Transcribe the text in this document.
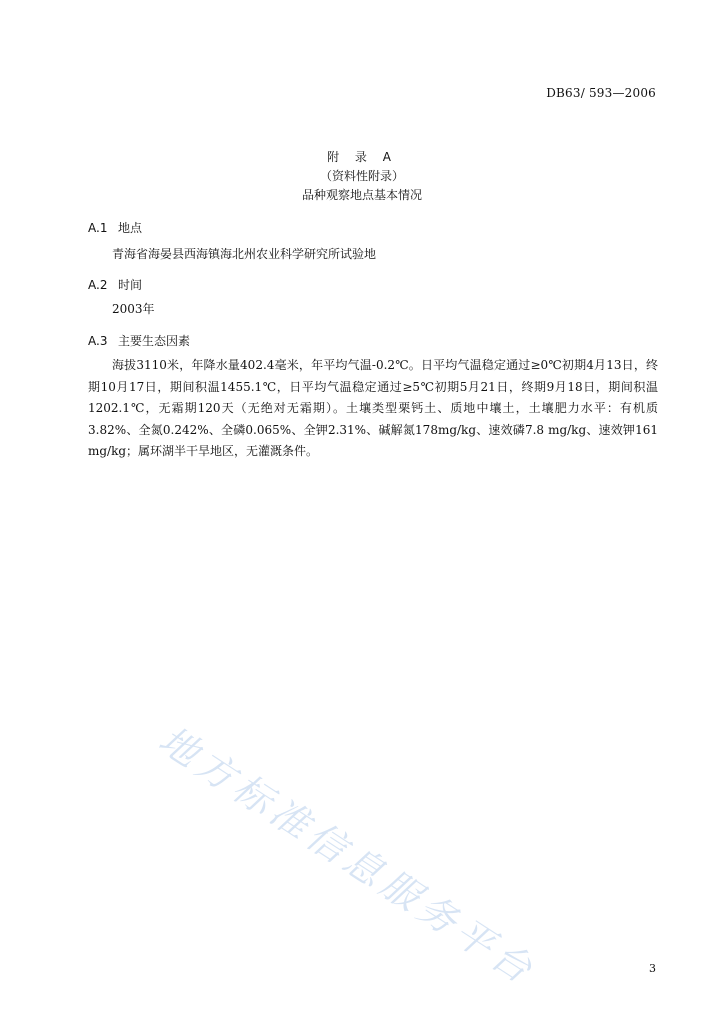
DB63/ 593—2006
附 录 A
（资料性附录）
品种观察地点基本情况
A.1 地点
青海省海晏县西海镇海北州农业科学研究所试验地
A.2 时间
2003年
A.3 主要生态因素
海拔3110米，年降水量402.4毫米，年平均气温-0.2℃。日平均气温稳定通过≥0℃初期4月13日，终期10月17日，期间积温1455.1℃，日平均气温稳定通过≥5℃初期5月21日，终期9月18日，期间积温1202.1℃，无霜期120天（无绝对无霜期）。土壤类型栗钙土、质地中壤土，土壤肥力水平：有机质3.82%、全氮0.242%、全磷0.065%、全钾2.31%、碱解氮178mg/kg、速效磷7.8 mg/kg、速效钾161 mg/kg；属环湖半干旱地区，无灌溉条件。
地方标准信息服务平台	3
